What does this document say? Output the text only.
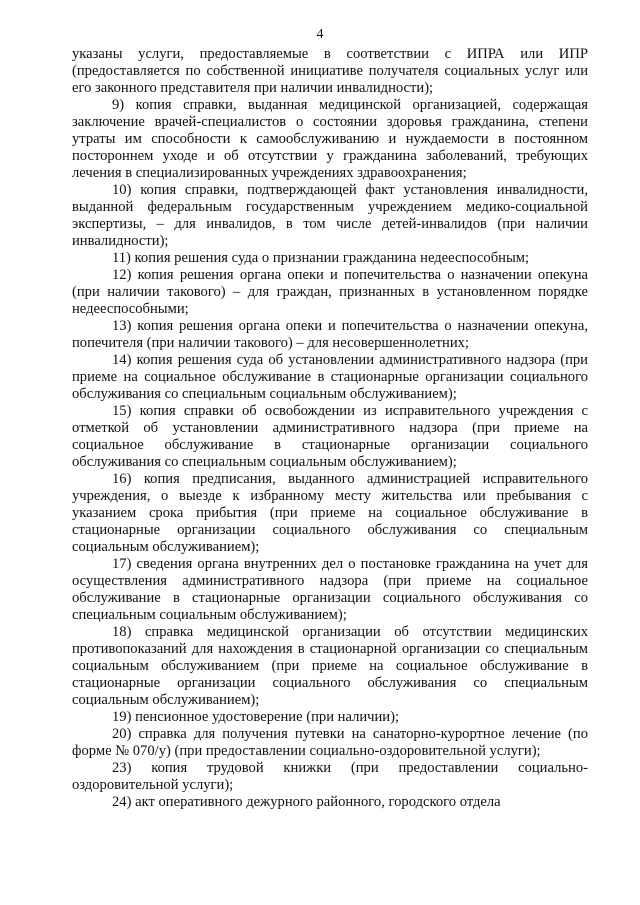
4

указаны услуги, предоставляемые в соответствии с ИПРА или ИПР (предоставляется по собственной инициативе получателя социальных услуг или его законного представителя при наличии инвалидности);

9) копия справки, выданная медицинской организацией, содержащая заключение врачей-специалистов о состоянии здоровья гражданина, степени утраты им способности к самообслуживанию и нуждаемости в постоянном постороннем уходе и об отсутствии у гражданина заболеваний, требующих лечения в специализированных учреждениях здравоохранения;

10) копия справки, подтверждающей факт установления инвалидности, выданной федеральным государственным учреждением медико-социальной экспертизы, – для инвалидов, в том числе детей-инвалидов (при наличии инвалидности);

11) копия решения суда о признании гражданина недееспособным;

12) копия решения органа опеки и попечительства о назначении опекуна (при наличии такового) – для граждан, признанных в установленном порядке недееспособными;

13) копия решения органа опеки и попечительства о назначении опекуна, попечителя (при наличии такового) – для несовершеннолетних;

14) копия решения суда об установлении административного надзора (при приеме на социальное обслуживание в стационарные организации социального обслуживания со специальным социальным обслуживанием);

15) копия справки об освобождении из исправительного учреждения с отметкой об установлении административного надзора (при приеме на социальное обслуживание в стационарные организации социального обслуживания со специальным социальным обслуживанием);

16) копия предписания, выданного администрацией исправительного учреждения, о выезде к избранному месту жительства или пребывания с указанием срока прибытия (при приеме на социальное обслуживание в стационарные организации социального обслуживания со специальным социальным обслуживанием);

17) сведения органа внутренних дел о постановке гражданина на учет для осуществления административного надзора (при приеме на социальное обслуживание в стационарные организации социального обслуживания со специальным социальным обслуживанием);

18) справка медицинской организации об отсутствии медицинских противопоказаний для нахождения в стационарной организации со специальным социальным обслуживанием (при приеме на социальное обслуживание в стационарные организации социального обслуживания со специальным социальным обслуживанием);

19) пенсионное удостоверение (при наличии);

20) справка для получения путевки на санаторно-курортное лечение (по форме № 070/у) (при предоставлении социально-оздоровительной услуги);

23) копия трудовой книжки (при предоставлении социально-оздоровительной услуги);

24) акт оперативного дежурного районного, городского отдела
